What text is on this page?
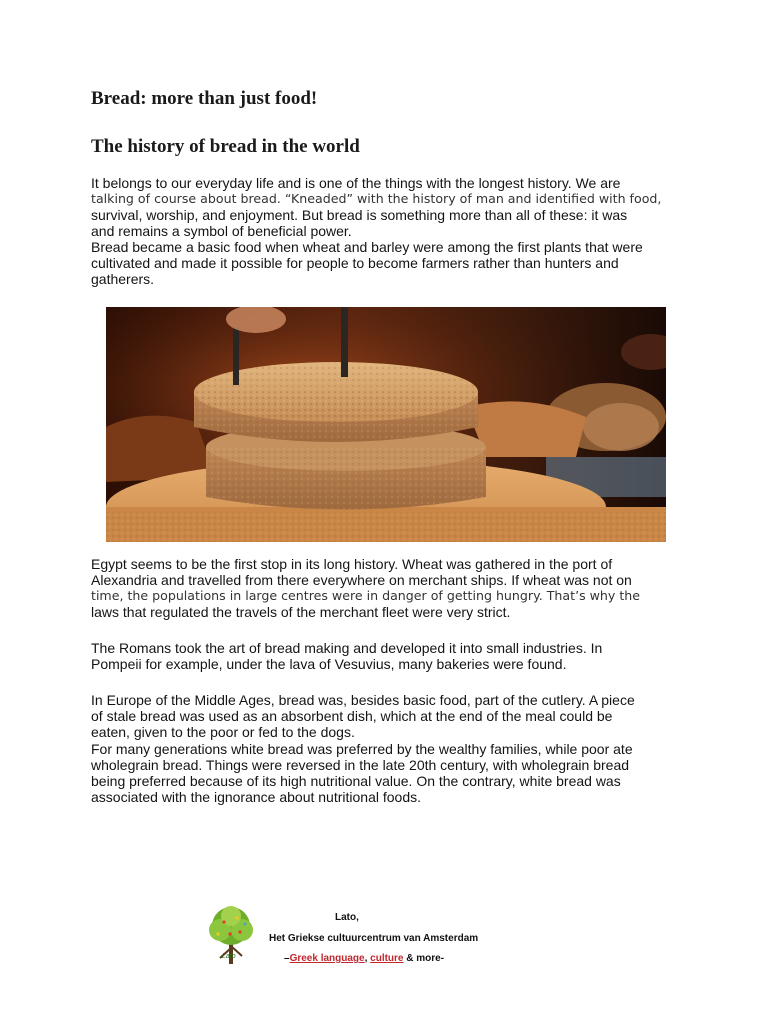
Bread: more than just food!
The history of bread in the world

It belongs to our everyday life and is one of the things with the longest history. We are
talking of course about bread. “Kneaded” with the history of man and identified with food,
survival, worship, and enjoyment. But bread is something more than all of these: it was
and remains a symbol of beneficial power.

Bread became a basic food when wheat and barley were among the first plants that were
cultivated and made it possible for people to become farmers rather than hunters and
gatherers.

Egypt seems to be the first stop in its long history. Wheat was gathered in the port of
Alexandria and travelled from there everywhere on merchant ships. If wheat was not on
time, the populations in large centres were in danger of getting hungry. That’s why the
laws that regulated the travels of the merchant fleet were very strict.

The Romans took the art of bread making and developed it into small industries. In
Pompeii for example, under the lava of Vesuvius, many bakeries were found.

In Europe of the Middle Ages, bread was, besides basic food, part of the cutlery. A piece
of stale bread was used as an absorbent dish, which at the end of the meal could be
eaten, given to the poor or fed to the dogs.

For many generations white bread was preferred by the wealthy families, while poor ate
wholegrain bread. Things were reversed in the late 20th century, with wholegrain bread
being preferred because of its high nutritional value. On the contrary, white bread was
associated with the ignorance about nutritional foods.

Lato

Lato,

Het Griekse cultuurcentrum van Amsterdam

–Greek language, culture & more-
